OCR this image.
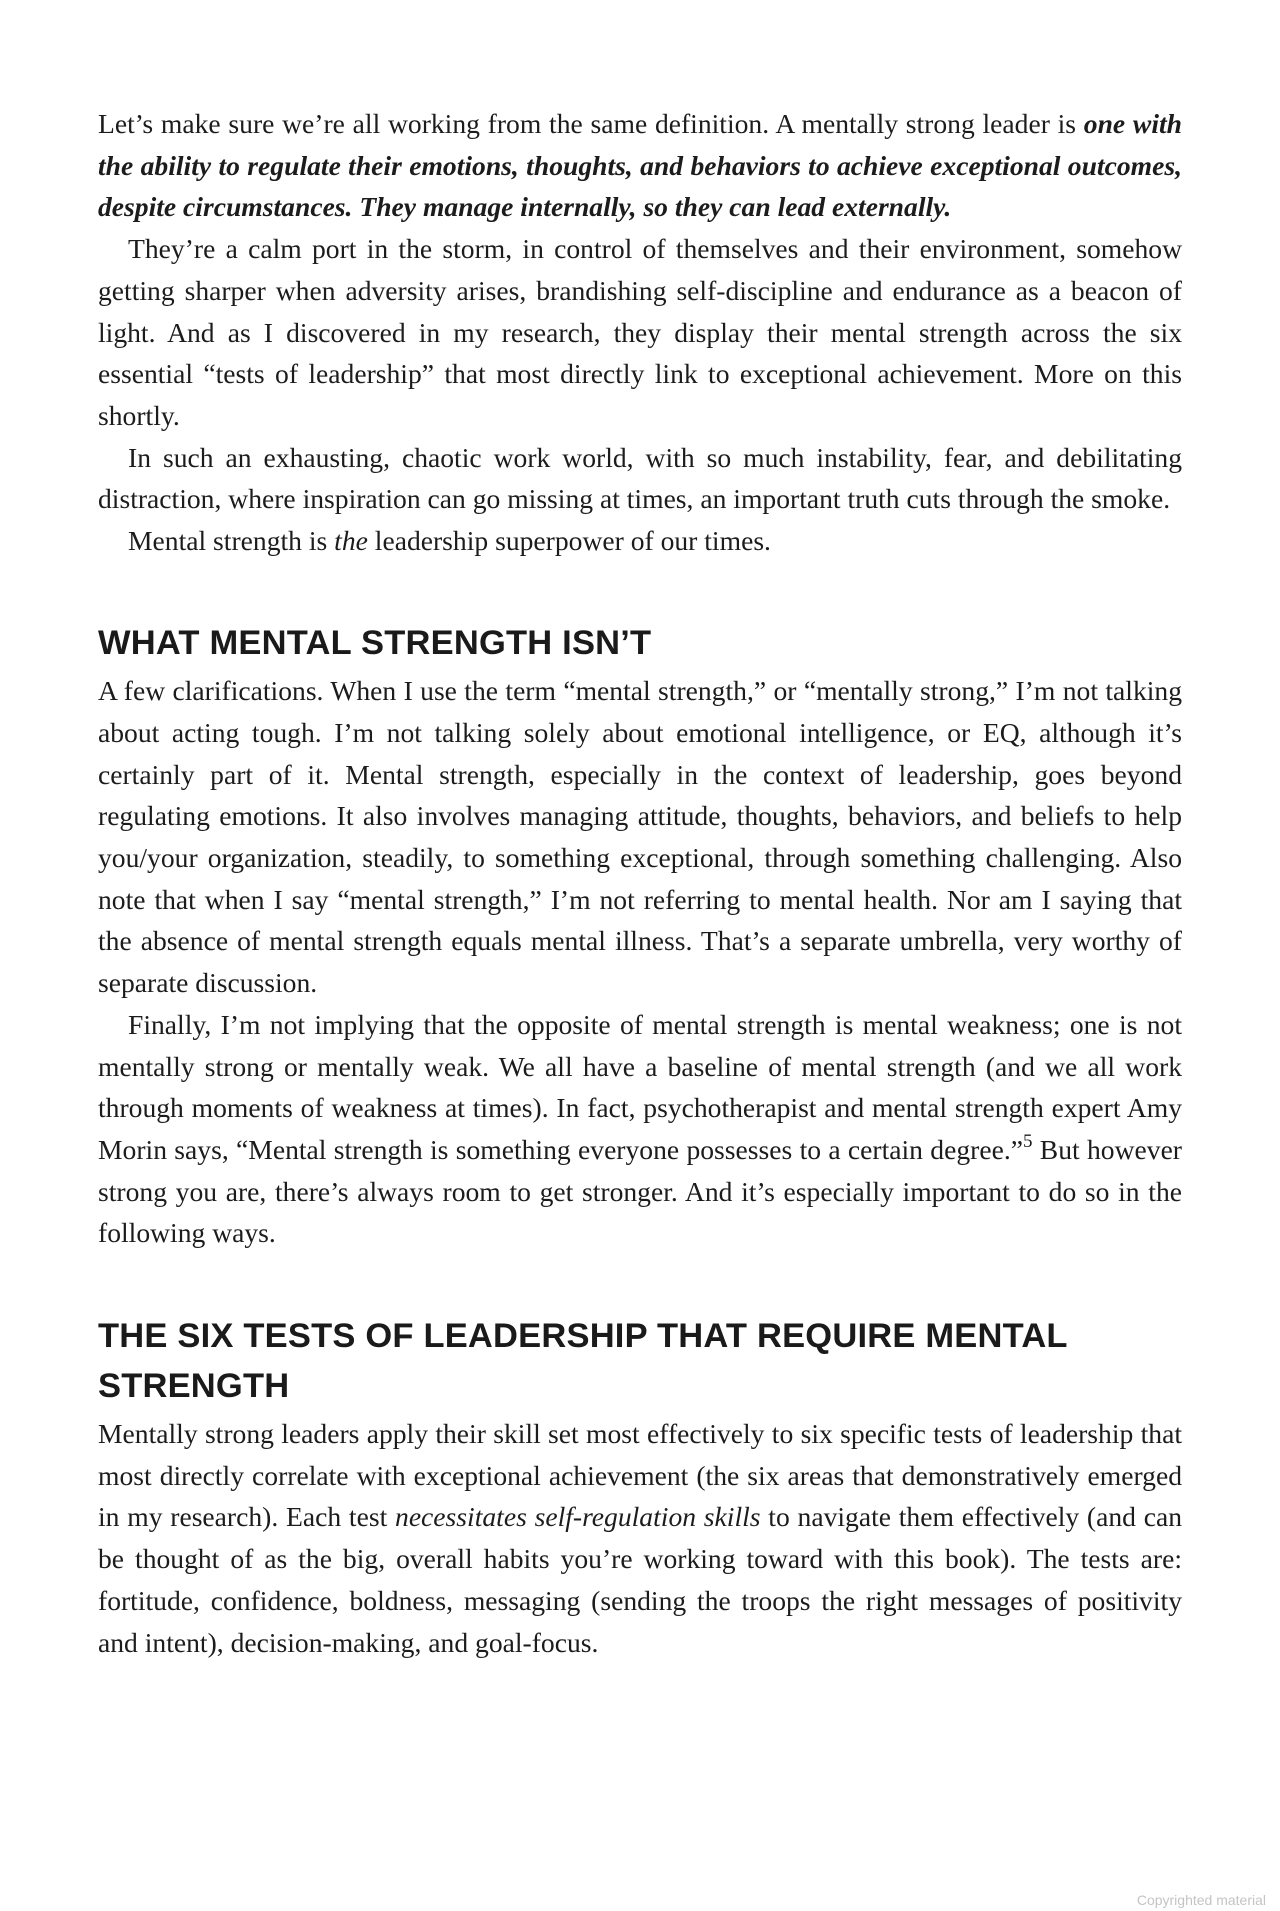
Let’s make sure we’re all working from the same definition. A mentally strong leader is one with the ability to regulate their emotions, thoughts, and behaviors to achieve exceptional outcomes, despite circumstances. They manage internally, so they can lead externally.

They’re a calm port in the storm, in control of themselves and their environment, somehow getting sharper when adversity arises, brandishing self-discipline and endurance as a beacon of light. And as I discovered in my research, they display their mental strength across the six essential “tests of leadership” that most directly link to exceptional achievement. More on this shortly.

In such an exhausting, chaotic work world, with so much instability, fear, and debilitating distraction, where inspiration can go missing at times, an important truth cuts through the smoke.

Mental strength is the leadership superpower of our times.

WHAT MENTAL STRENGTH ISN’T

A few clarifications. When I use the term “mental strength,” or “mentally strong,” I’m not talking about acting tough. I’m not talking solely about emotional intelligence, or EQ, although it’s certainly part of it. Mental strength, especially in the context of leadership, goes beyond regulating emotions. It also involves managing attitude, thoughts, behaviors, and beliefs to help you/your organization, steadily, to something exceptional, through something challenging. Also note that when I say “mental strength,” I’m not referring to mental health. Nor am I saying that the absence of mental strength equals mental illness. That’s a separate umbrella, very worthy of separate discussion.

Finally, I’m not implying that the opposite of mental strength is mental weakness; one is not mentally strong or mentally weak. We all have a baseline of mental strength (and we all work through moments of weakness at times). In fact, psychotherapist and mental strength expert Amy Morin says, “Mental strength is something everyone possesses to a certain degree.”$^5$ But however strong you are, there’s always room to get stronger. And it’s especially important to do so in the following ways.

THE SIX TESTS OF LEADERSHIP THAT REQUIRE MENTAL STRENGTH

Mentally strong leaders apply their skill set most effectively to six specific tests of leadership that most directly correlate with exceptional achievement (the six areas that demonstratively emerged in my research). Each test necessitates self-regulation skills to navigate them effectively (and can be thought of as the big, overall habits you’re working toward with this book). The tests are: fortitude, confidence, boldness, messaging (sending the troops the right messages of positivity and intent), decision-making, and goal-focus.

Copyrighted material
